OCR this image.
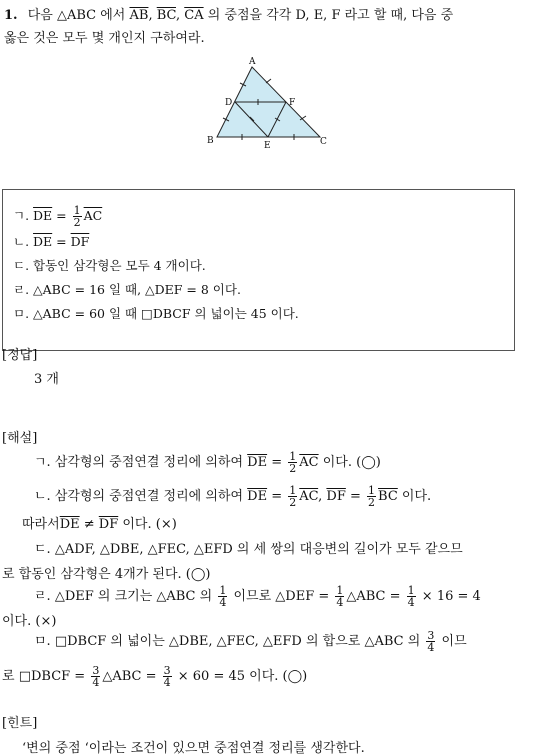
1. 다음 △ABC 에서 $\overline{AB}$, $\overline{BC}$, $\overline{CA}$ 의 중점을 각각 D, E, F 라고 할 때, 다음 중
옳은 것은 모두 몇 개인지 구하여라.
A
D	F
B	E	C
ㄱ. $\overline{DE} = \frac{1}{2} \overline{AC}$
ㄴ. $\overline{DE} = \overline{DF}$
ㄷ. 합동인 삼각형은 모두 4 개이다.
ㄹ. △ABC = 16 일 때, △DEF = 8 이다.
ㅁ. △ABC = 60 일 때 □DBCF 의 넓이는 45 이다.
[정답]
3 개
[해설]
ㄱ. 삼각형의 중점연결 정리에 의하여 $\overline{DE} = \frac{1}{2} \overline{AC}$ 이다. (◯)
ㄴ. 삼각형의 중점연결 정리에 의하여 $\overline{DE} = \frac{1}{2} \overline{AC}$, $\overline{DF} = \frac{1}{2} \overline{BC}$ 이다.
따라서$\overline{DE} \ne \overline{DF}$ 이다. (×)
ㄷ. △ADF, △DBE, △FEC, △EFD 의 세 쌍의 대응변의 길이가 모두 같으므
로 합동인 삼각형은 4개가 된다. (◯)
ㄹ. △DEF 의 크기는 △ABC 의 $\frac{1}{4}$ 이므로 △DEF = $\frac{1}{4}$ △ABC = $\frac{1}{4} \times 16 = 4$
이다. (×)
ㅁ. □DBCF 의 넓이는 △DBE, △FEC, △EFD 의 합으로 △ABC 의 $\frac{3}{4}$ 이므
로 □DBCF = $\frac{3}{4}$ △ABC = $\frac{3}{4} \times 60 = 45$ 이다. (◯)
[힌트]
‘변의 중점 ‘이라는 조건이 있으면 중점연결 정리를 생각한다.
